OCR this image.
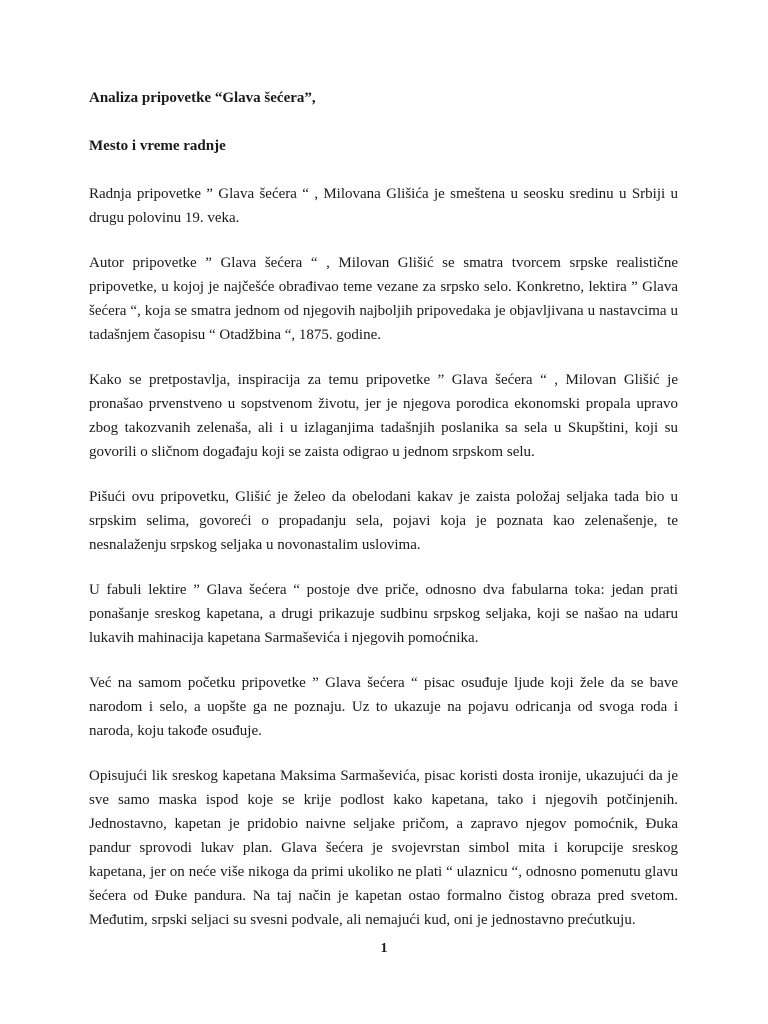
Analiza pripovetke “Glava šećera”,
Mesto i vreme radnje

Radnja pripovetke ” Glava šećera “ , Milovana Glišića je smeštena u seosku sredinu u Srbiji u drugu polovinu 19. veka.

Autor pripovetke ” Glava šećera “ , Milovan Glišić se smatra tvorcem srpske realistične pripovetke, u kojoj je najčešće obrađivao teme vezane za srpsko selo. Konkretno, lektira ” Glava šećera “, koja se smatra jednom od njegovih najboljih pripovedaka je objavljivana u nastavcima u tadašnjem časopisu “ Otadžbina “, 1875. godine.

Kako se pretpostavlja, inspiracija za temu pripovetke ” Glava šećera “ , Milovan Glišić je pronašao prvenstveno u sopstvenom životu, jer je njegova porodica ekonomski propala upravo zbog takozvanih zelenaša, ali i u izlaganjima tadašnjih poslanika sa sela u Skupštini, koji su govorili o sličnom događaju koji se zaista odigrao u jednom srpskom selu.

Pišući ovu pripovetku, Glišić je želeo da obelodani kakav je zaista položaj seljaka tada bio u srpskim selima, govoreći o propadanju sela, pojavi koja je poznata kao zelenašenje, te nesnalaženju srpskog seljaka u novonastalim uslovima.

U fabuli lektire ” Glava šećera “ postoje dve priče, odnosno dva fabularna toka: jedan prati ponašanje sreskog kapetana, a drugi prikazuje sudbinu srpskog seljaka, koji se našao na udaru lukavih mahinacija kapetana Sarmaševića i njegovih pomoćnika.

Već na samom početku pripovetke ” Glava šećera “ pisac osuđuje ljude koji žele da se bave narodom i selo, a uopšte ga ne poznaju. Uz to ukazuje na pojavu odricanja od svoga roda i naroda, koju takođe osuđuje.

Opisujući lik sreskog kapetana Maksima Sarmaševića, pisac koristi dosta ironije, ukazujući da je sve samo maska ispod koje se krije podlost kako kapetana, tako i njegovih potčinjenih. Jednostavno, kapetan je pridobio naivne seljake pričom, a zapravo njegov pomoćnik, Đuka pandur sprovodi lukav plan. Glava šećera je svojevrstan simbol mita i korupcije sreskog kapetana, jer on neće više nikoga da primi ukoliko ne plati “ ulaznicu “, odnosno pomenutu glavu šećera od Đuke pandura. Na taj način je kapetan ostao formalno čistog obraza pred svetom. Međutim, srpski seljaci su svesni podvale, ali nemajući kud, oni je jednostavno prećutkuju.

1
